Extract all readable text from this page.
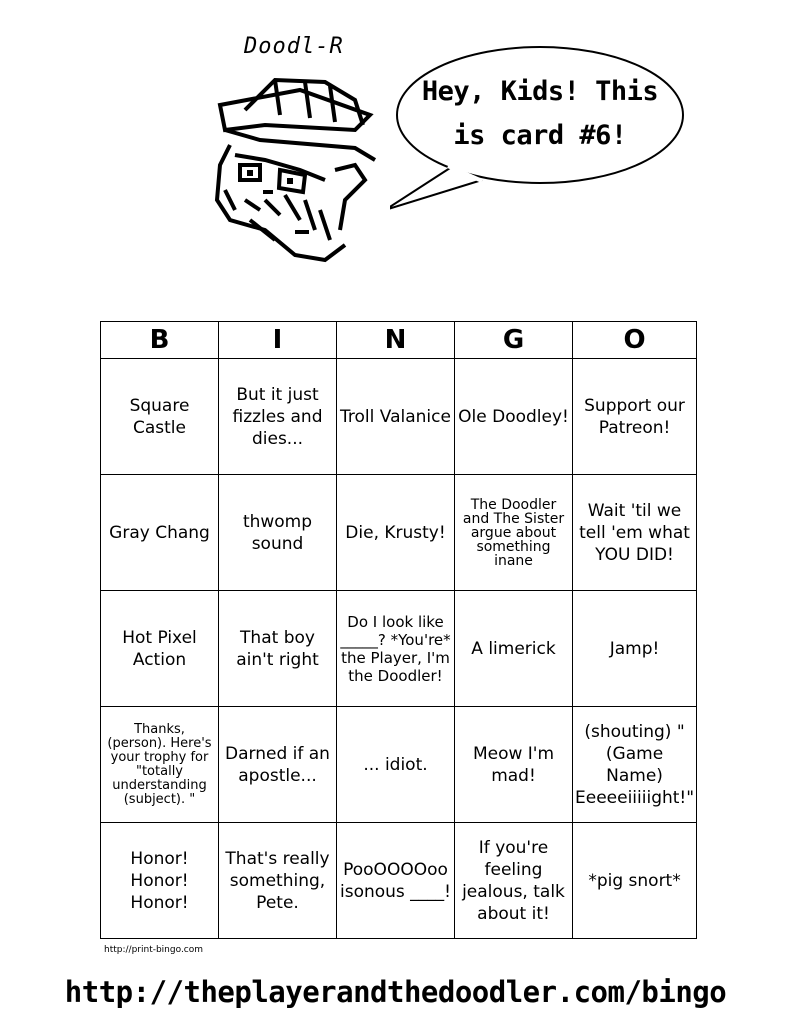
Doodl-R
Hey, Kids! This is card #6!
B	I	N	G	O
Square Castle	But it just fizzles and dies...	Troll Valanice	Ole Doodley!	Support our Patreon!
Gray Chang	thwomp sound	Die, Krusty!	The Doodler and The Sister argue about something inane	Wait 'til we tell 'em what YOU DID!
Hot Pixel Action	That boy ain't right	Do I look like _____? *You're* the Player, I'm the Doodler!	A limerick	Jamp!
Thanks, (person). Here's your trophy for "totally understanding (subject). "	Darned if an apostle...	... idiot.	Meow I'm mad!	(shouting) "(Game Name) Eeeeeiiiiight!"
Honor! Honor! Honor!	That's really something, Pete.	PooOOOOoo isonous ____!	If you're feeling jealous, talk about it!	*pig snort*
http://print-bingo.com
http://theplayerandthedoodler.com/bingo
